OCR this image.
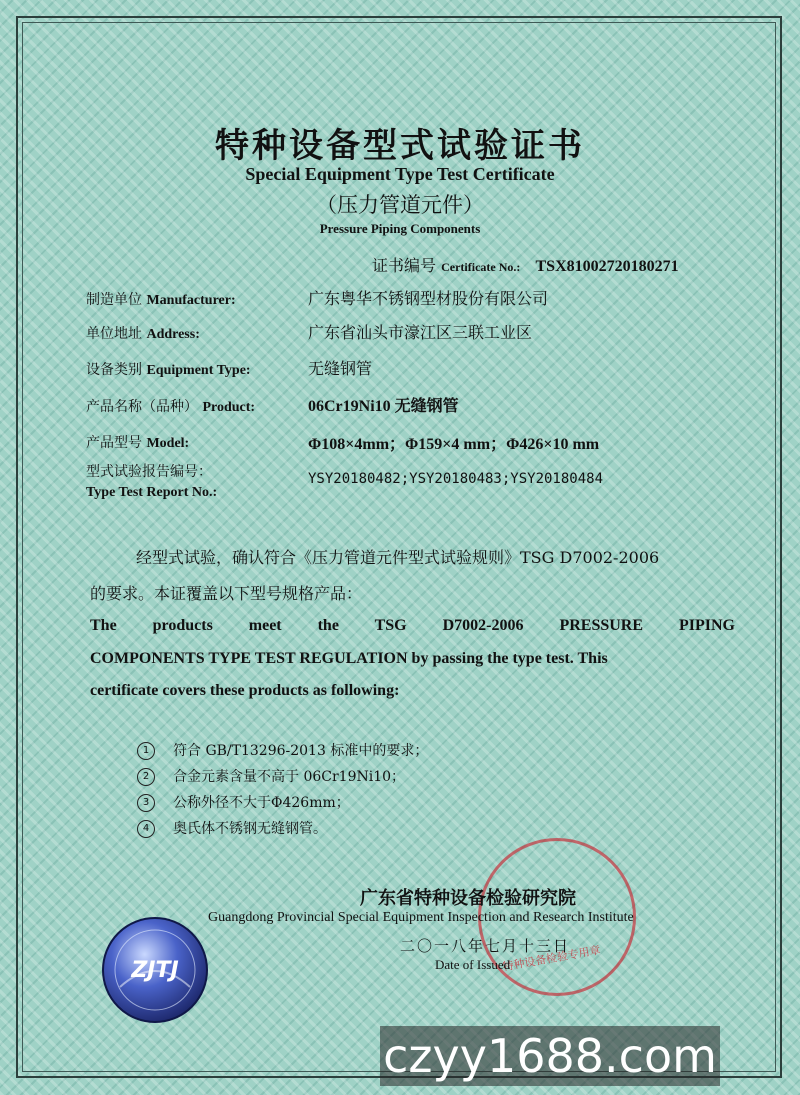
特种设备型式试验证书
Special Equipment Type Test Certificate
（压力管道元件）
Pressure Piping Components
证书编号 Certificate No.: TSX81002720180271
制造单位 Manufacturer:	广东粤华不锈钢型材股份有限公司
单位地址 Address:	广东省汕头市濠江区三联工业区
设备类别 Equipment Type:	无缝钢管
产品名称（品种） Product:	06Cr19Ni10 无缝钢管
产品型号 Model:	Φ108×4mm；Φ159×4 mm；Φ426×10 mm
型式试验报告编号：
Type Test Report No.:
YSY20180482;YSY20180483;YSY20180484
经型式试验，确认符合《压力管道元件型式试验规则》TSG D7002-2006
的要求。本证覆盖以下型号规格产品：
The products meet the TSG D7002-2006 PRESSURE PIPING
COMPONENTS TYPE TEST REGULATION by passing the type test. This
certificate covers these products as following:
1 符合 GB/T13296-2013 标准中的要求；
2 合金元素含量不高于 06Cr19Ni10；
3 公称外径不大于Φ426mm；
4 奥氏体不锈钢无缝钢管。
特种设备检验专用章
广东省特种设备检验研究院
Guangdong Provincial Special Equipment Inspection and Research Institute
二〇一八年七月十三日
Date of Issued
ZJTJ
czyy1688.com
